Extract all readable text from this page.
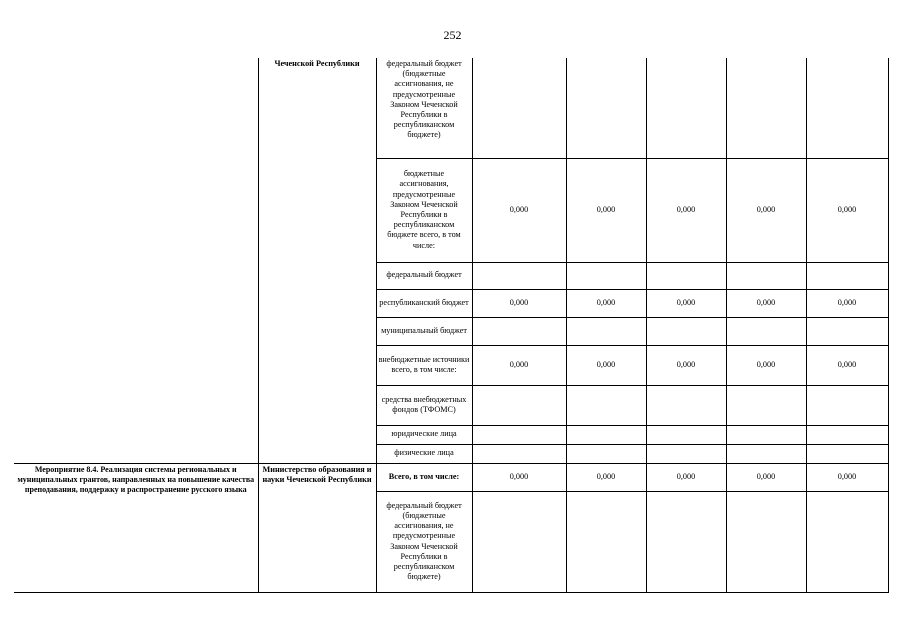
252
	Чеченской Республики	федеральный бюджет (бюджетные ассигнования, не предусмотренные Законом Чеченской Республики в республиканском бюджете)					
		бюджетные ассигнования, предусмотренные Законом Чеченской Республики в республиканском бюджете всего, в том числе:	0,000	0,000	0,000	0,000	0,000
		федеральный бюджет					
		республиканский бюджет	0,000	0,000	0,000	0,000	0,000
		муниципальный бюджет					
		внебюджетные источники всего, в том числе:	0,000	0,000	0,000	0,000	0,000
		средства внебюджетных фондов (ТФОМС)					
		юридические лица					
		физические лица					
Мероприятие 8.4. Реализация системы региональных и муниципальных грантов, направленных на повышение качества преподавания, поддержку и распространение русского языка	Министерство образования и науки Чеченской Республики	Всего, в том числе:	0,000	0,000	0,000	0,000	0,000
		федеральный бюджет (бюджетные ассигнования, не предусмотренные Законом Чеченской Республики в республиканском бюджете)					
